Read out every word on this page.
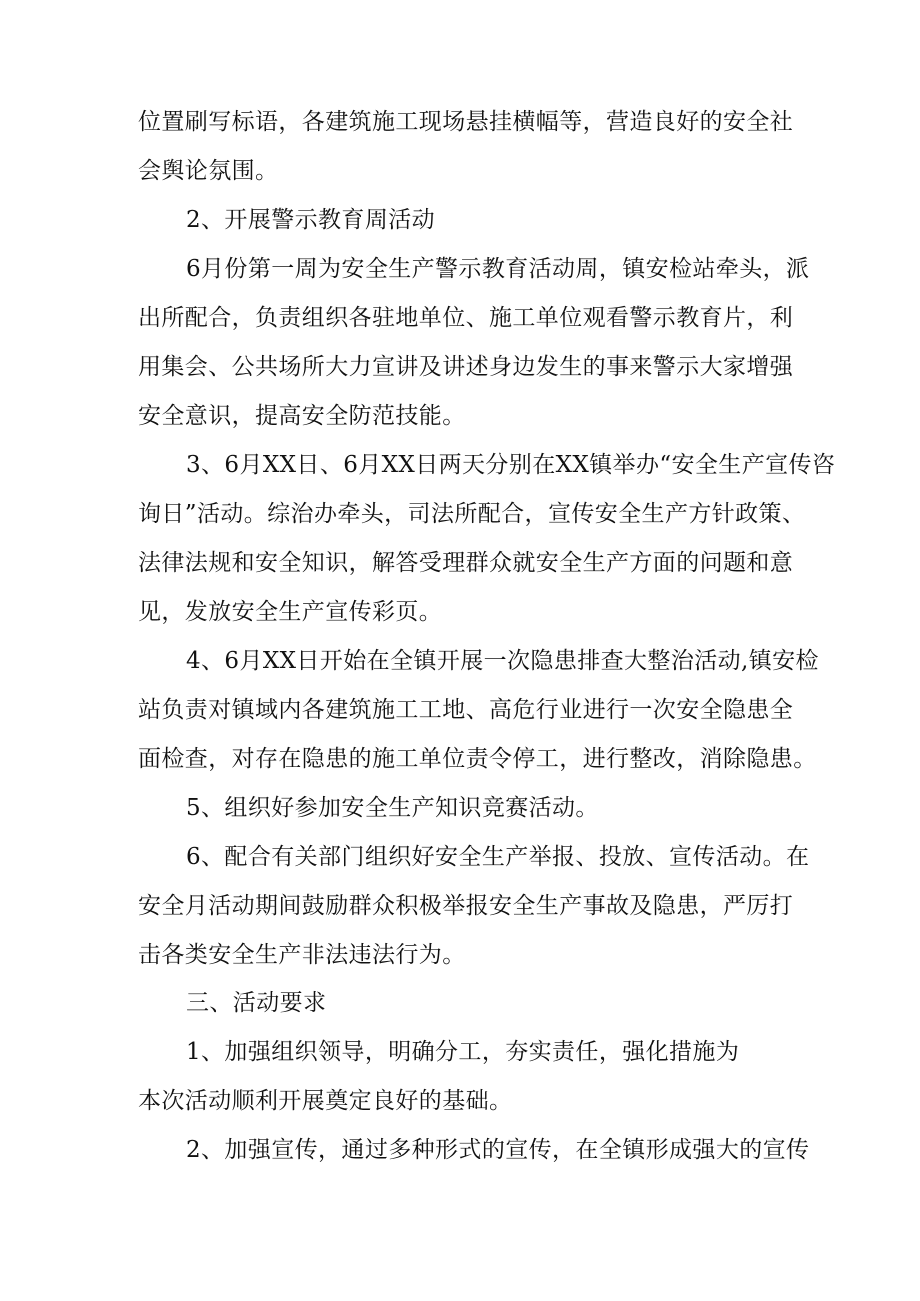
位置刷写标语，各建筑施工现场悬挂横幅等，营造良好的安全社
会舆论氛围。
2、开展警示教育周活动
6月份第一周为安全生产警示教育活动周，镇安检站牵头，派
出所配合，负责组织各驻地单位、施工单位观看警示教育片，利
用集会、公共场所大力宣讲及讲述身边发生的事来警示大家增强
安全意识，提高安全防范技能。
3、6月XX日、6月XX日两天分别在XX镇举办“安全生产宣传咨
询日”活动。综治办牵头，司法所配合，宣传安全生产方针政策、
法律法规和安全知识，解答受理群众就安全生产方面的问题和意
见，发放安全生产宣传彩页。
4、6月XX日开始在全镇开展一次隐患排查大整治活动,镇安检
站负责对镇域内各建筑施工工地、高危行业进行一次安全隐患全
面检查，对存在隐患的施工单位责令停工，进行整改，消除隐患。
5、组织好参加安全生产知识竞赛活动。
6、配合有关部门组织好安全生产举报、投放、宣传活动。在
安全月活动期间鼓励群众积极举报安全生产事故及隐患，严厉打
击各类安全生产非法违法行为。
三、活动要求
1、加强组织领导，明确分工，夯实责任，强化措施为
本次活动顺利开展奠定良好的基础。
2、加强宣传，通过多种形式的宣传，在全镇形成强大的宣传
